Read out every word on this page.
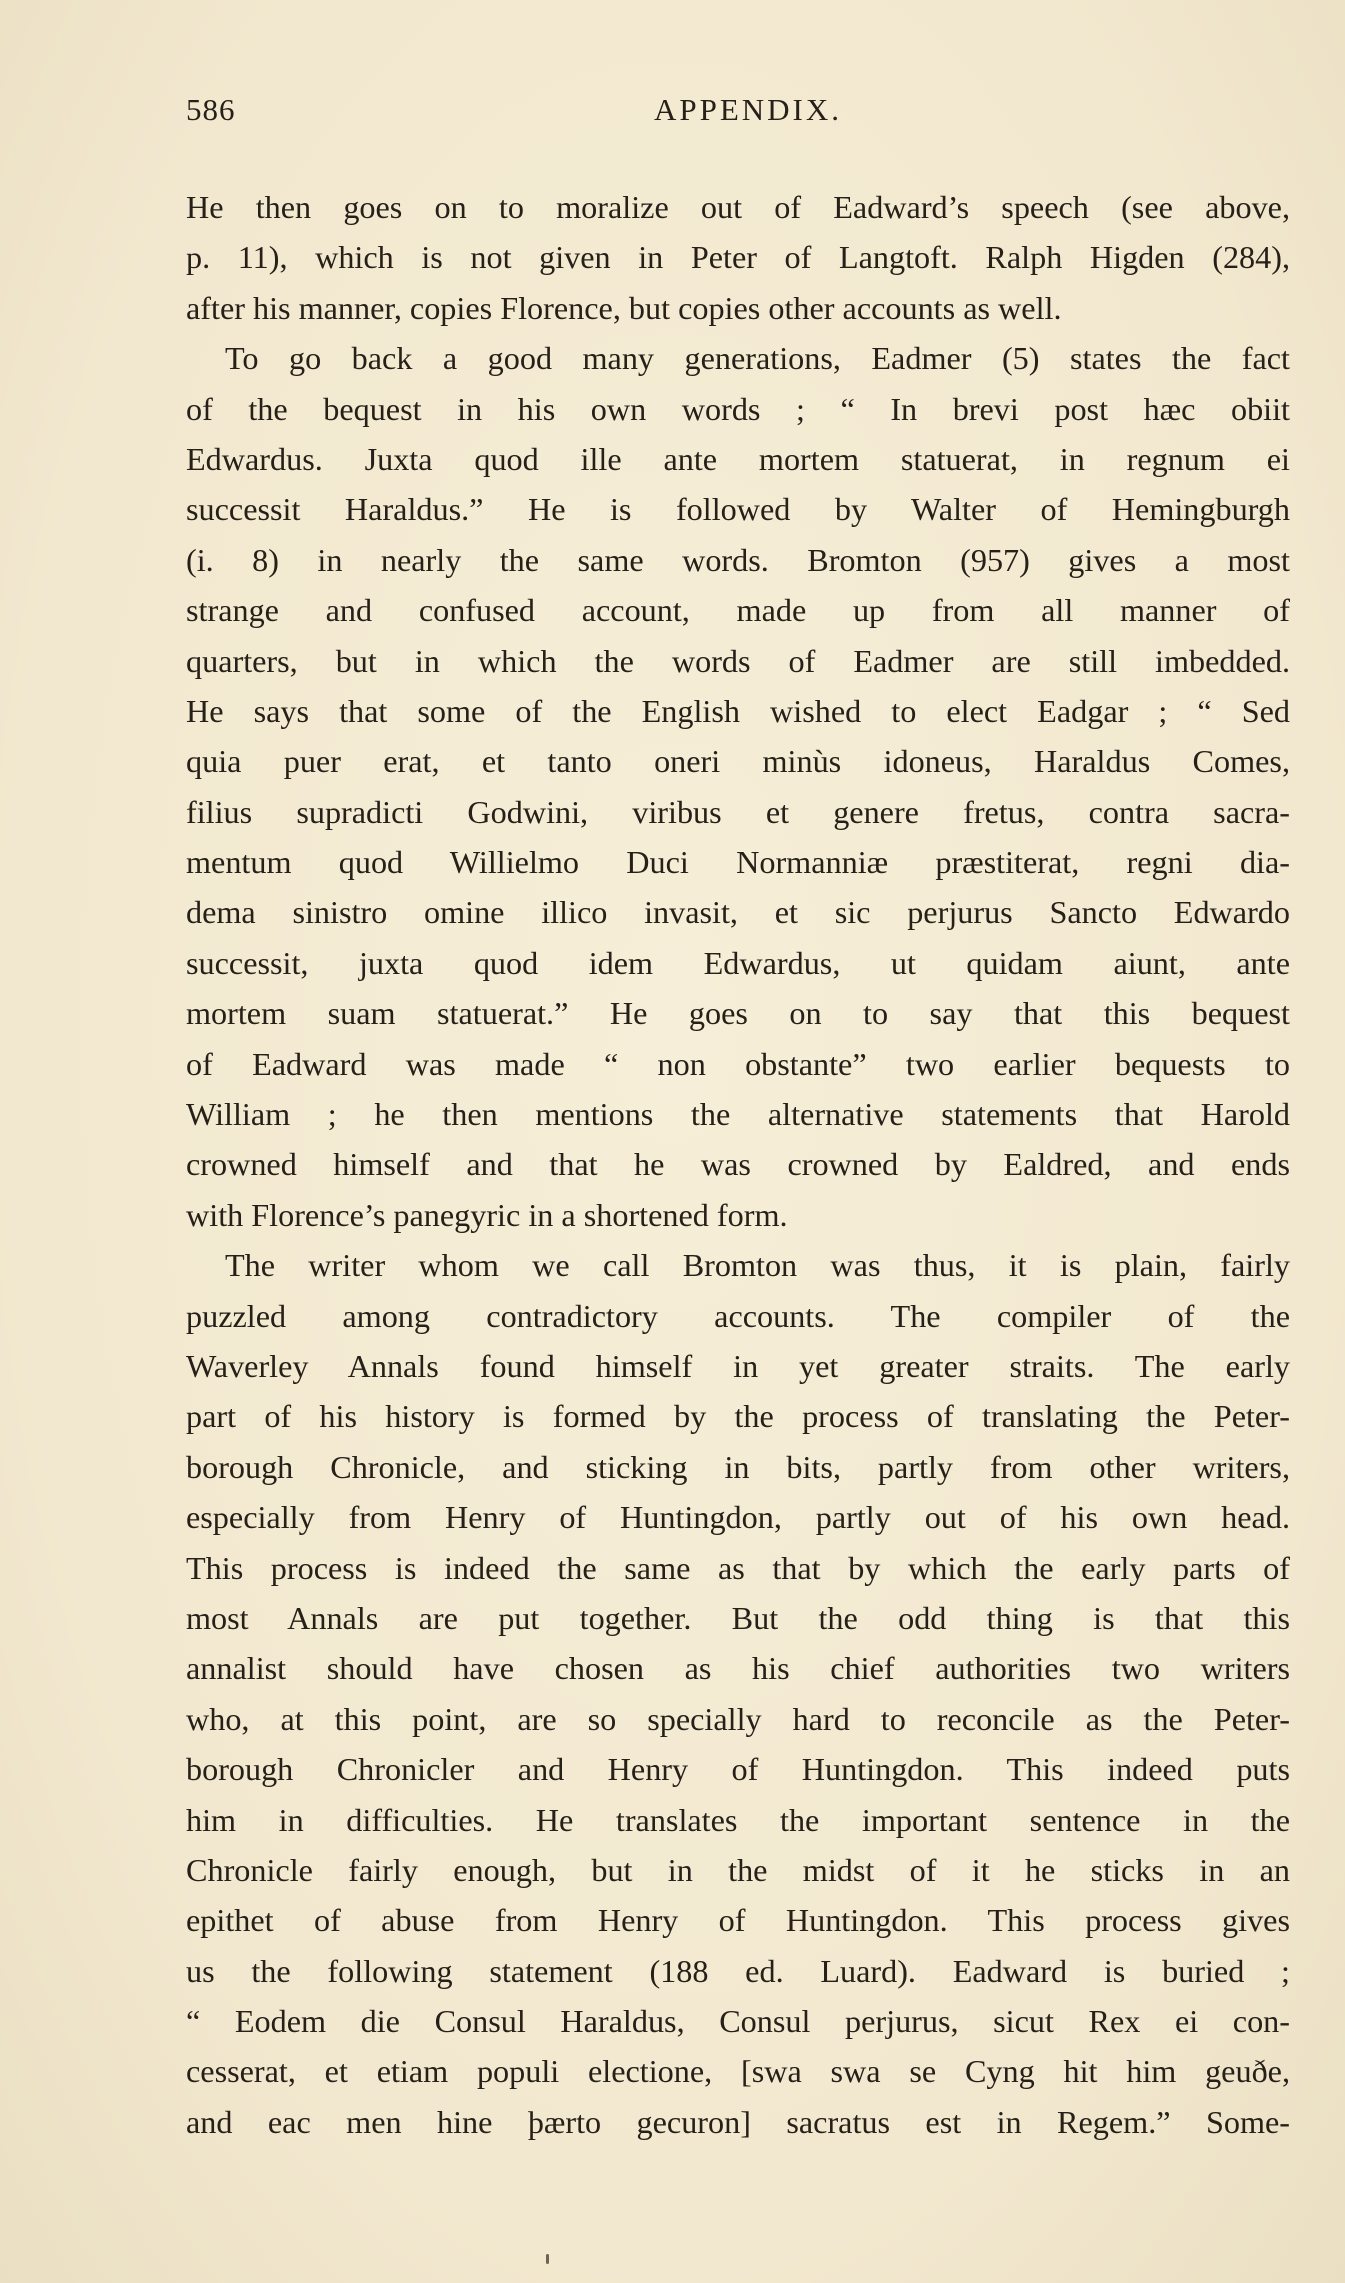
586	APPENDIX.
He then goes on to moralize out of Eadward’s speech (see above,
p. 11), which is not given in Peter of Langtoft. Ralph Higden (284),
after his manner, copies Florence, but copies other accounts as well.
To go back a good many generations, Eadmer (5) states the fact
of the bequest in his own words ; “ In brevi post hæc obiit
Edwardus. Juxta quod ille ante mortem statuerat, in regnum ei
successit Haraldus.” He is followed by Walter of Hemingburgh
(i. 8) in nearly the same words. Bromton (957) gives a most
strange and confused account, made up from all manner of
quarters, but in which the words of Eadmer are still imbedded.
He says that some of the English wished to elect Eadgar ; “ Sed
quia puer erat, et tanto oneri minùs idoneus, Haraldus Comes,
filius supradicti Godwini, viribus et genere fretus, contra sacra-
mentum quod Willielmo Duci Normanniæ præstiterat, regni dia-
dema sinistro omine illico invasit, et sic perjurus Sancto Edwardo
successit, juxta quod idem Edwardus, ut quidam aiunt, ante
mortem suam statuerat.” He goes on to say that this bequest
of Eadward was made “ non obstante” two earlier bequests to
William ; he then mentions the alternative statements that Harold
crowned himself and that he was crowned by Ealdred, and ends
with Florence’s panegyric in a shortened form.
The writer whom we call Bromton was thus, it is plain, fairly
puzzled among contradictory accounts. The compiler of the
Waverley Annals found himself in yet greater straits. The early
part of his history is formed by the process of translating the Peter-
borough Chronicle, and sticking in bits, partly from other writers,
especially from Henry of Huntingdon, partly out of his own head.
This process is indeed the same as that by which the early parts of
most Annals are put together. But the odd thing is that this
annalist should have chosen as his chief authorities two writers
who, at this point, are so specially hard to reconcile as the Peter-
borough Chronicler and Henry of Huntingdon. This indeed puts
him in difficulties. He translates the important sentence in the
Chronicle fairly enough, but in the midst of it he sticks in an
epithet of abuse from Henry of Huntingdon. This process gives
us the following statement (188 ed. Luard). Eadward is buried ;
“ Eodem die Consul Haraldus, Consul perjurus, sicut Rex ei con-
cesserat, et etiam populi electione, [swa swa se Cyng hit him geuðe,
and eac men hine þærto gecuron] sacratus est in Regem.” Some-
